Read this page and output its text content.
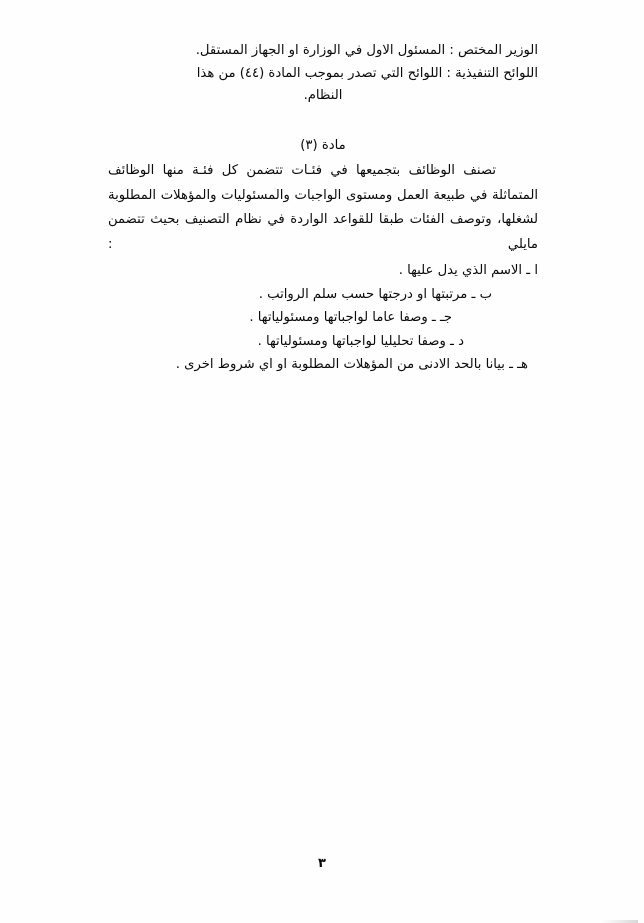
الوزير المختص : المسئول الاول في الوزارة او الجهاز المستقل.
اللوائح التنفيذية : اللوائح التي تصدر بموجب المادة (٤٤) من هذا
النظام.
مادة (٣)
تصنف الوظائف بتجميعها في فئـات تتضمن كل فئـة منها الوظائف المتماثلة في طبيعة العمل ومستوى الواجبات والمسئوليات والمؤهلات المطلوبة لشغلها، وتوصف الفئات طبقا للقواعد الواردة في نظام التصنيف بحيث تتضمن مايلي :
ا ـ الاسم الذي يدل عليها .
ب ـ مرتبتها او درجتها حسب سلم الرواتب .
جـ ـ وصفا عاما لواجباتها ومسئولياتها .
د ـ وصفا تحليليا لواجباتها ومسئولياتها .
هـ ـ بيانا بالحد الادنى من المؤهلات المطلوبة او اي شروط اخرى .
٣
